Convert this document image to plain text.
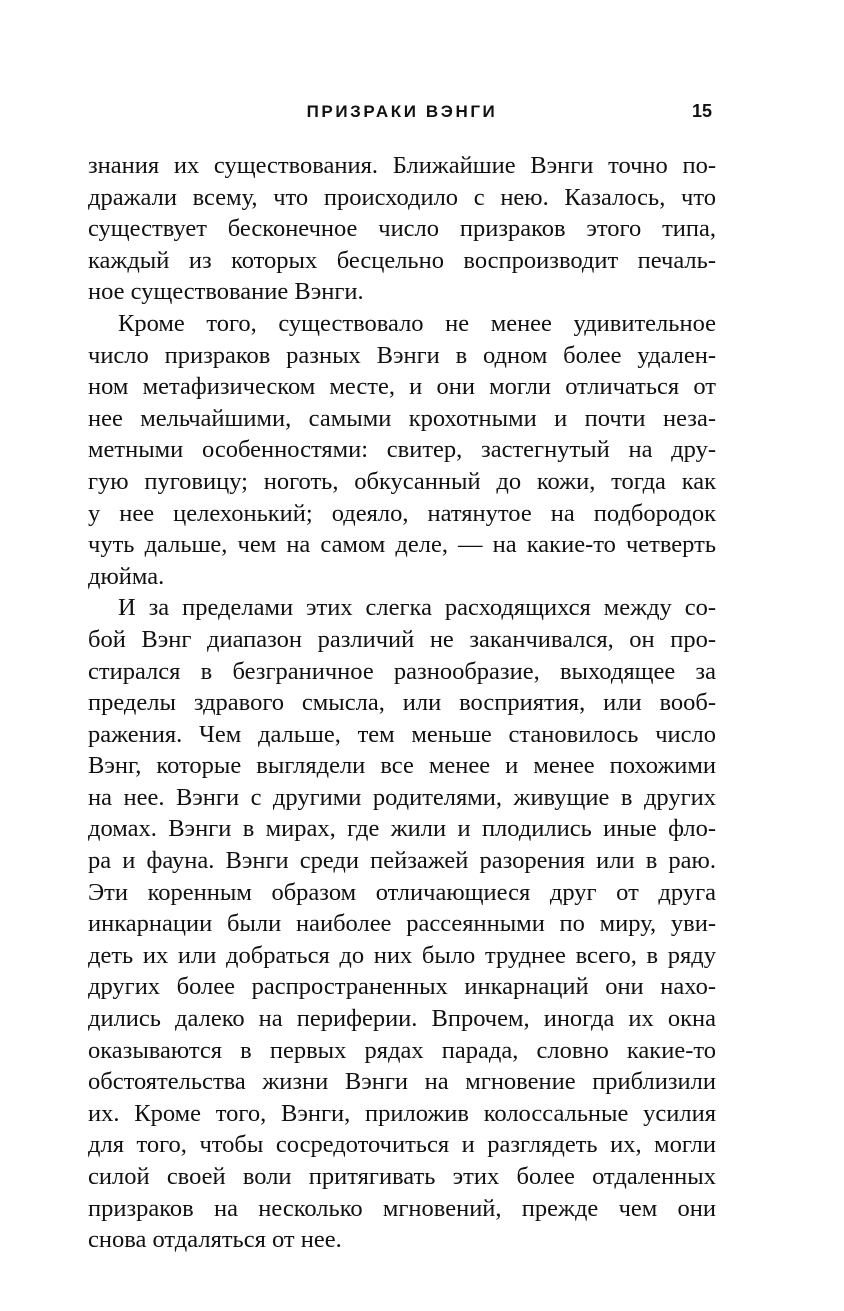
ПРИЗРАКИ ВЭНГИ	15
знания их существования. Ближайшие Вэнги точно по-
дражали всему, что происходило с нею. Казалось, что
существует бесконечное число призраков этого типа,
каждый из которых бесцельно воспроизводит печаль-
ное существование Вэнги.
Кроме того, существовало не менее удивительное
число призраков разных Вэнги в одном более удален-
ном метафизическом месте, и они могли отличаться от
нее мельчайшими, самыми крохотными и почти неза-
метными особенностями: свитер, застегнутый на дру-
гую пуговицу; ноготь, обкусанный до кожи, тогда как
у нее целехонький; одеяло, натянутое на подбородок
чуть дальше, чем на самом деле, — на какие-то четверть
дюйма.
И за пределами этих слегка расходящихся между со-
бой Вэнг диапазон различий не заканчивался, он про-
стирался в безграничное разнообразие, выходящее за
пределы здравого смысла, или восприятия, или вооб-
ражения. Чем дальше, тем меньше становилось число
Вэнг, которые выглядели все менее и менее похожими
на нее. Вэнги с другими родителями, живущие в других
домах. Вэнги в мирах, где жили и плодились иные фло-
ра и фауна. Вэнги среди пейзажей разорения или в раю.
Эти коренным образом отличающиеся друг от друга
инкарнации были наиболее рассеянными по миру, уви-
деть их или добраться до них было труднее всего, в ряду
других более распространенных инкарнаций они нахо-
дились далеко на периферии. Впрочем, иногда их окна
оказываются в первых рядах парада, словно какие-то
обстоятельства жизни Вэнги на мгновение приблизили
их. Кроме того, Вэнги, приложив колоссальные усилия
для того, чтобы сосредоточиться и разглядеть их, могли
силой своей воли притягивать этих более отдаленных
призраков на несколько мгновений, прежде чем они
снова отдаляться от нее.
